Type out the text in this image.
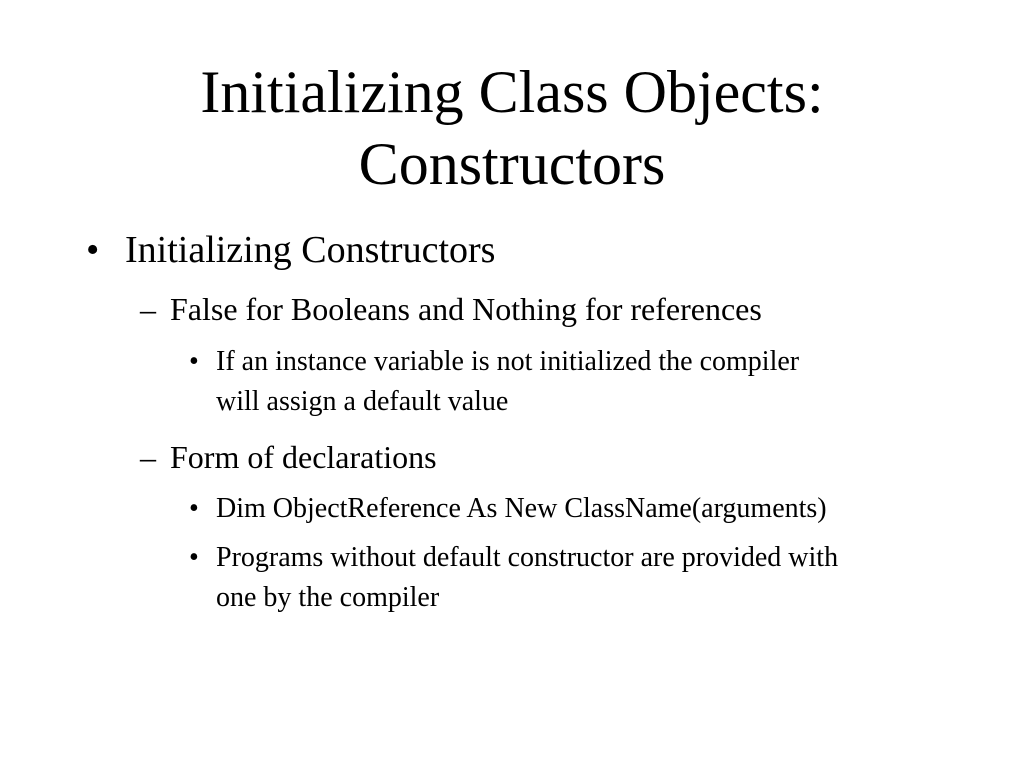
Initializing Class Objects:
Constructors
• Initializing Constructors
– False for Booleans and Nothing for references
• If an instance variable is not initialized the compiler
will assign a default value
– Form of declarations
• Dim ObjectReference As New ClassName(arguments)
• Programs without default constructor are provided with
one by the compiler
